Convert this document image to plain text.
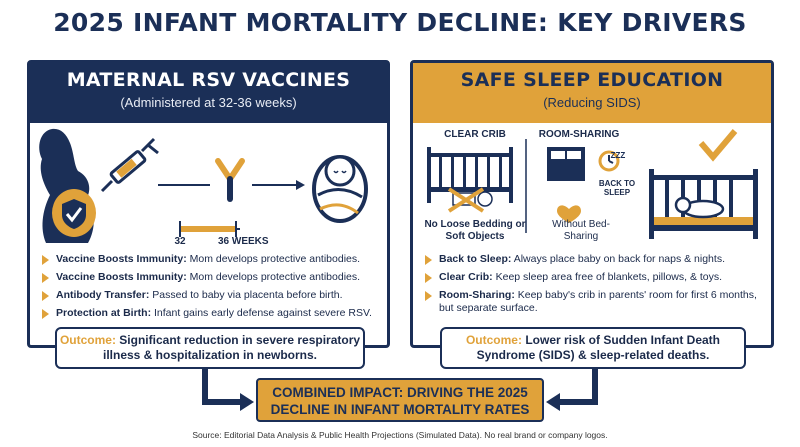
2025 INFANT MORTALITY DECLINE: KEY DRIVERS
MATERNAL RSV VACCINES
(Administered at 32-36 weeks)
32	36 WEEKS
Vaccine Boosts Immunity: Mom develops protective antibodies.
Vaccine Boosts Immunity: Mom develops protective antibodies.
Antibody Transfer: Passed to baby via placenta before birth.
Protection at Birth: Infant gains early defense against severe RSV.
SAFE SLEEP EDUCATION
(Reducing SIDS)
CLEAR CRIB	ROOM-SHARING
ZZZ
BACK TO SLEEP
No Loose Bedding or Soft Objects
Without Bed-Sharing
Back to Sleep: Always place baby on back for naps & nights.
Clear Crib: Keep sleep area free of blankets, pillows, & toys.
Room-Sharing: Keep baby's crib in parents' room for first 6 months, but separate surface.
Outcome: Significant reduction in severe respiratory illness & hospitalization in newborns.
Outcome: Lower risk of Sudden Infant Death Syndrome (SIDS) & sleep-related deaths.
COMBINED IMPACT: DRIVING THE 2025 DECLINE IN INFANT MORTALITY RATES
Source: Editorial Data Analysis & Public Health Projections (Simulated Data). No real brand or company logos.
